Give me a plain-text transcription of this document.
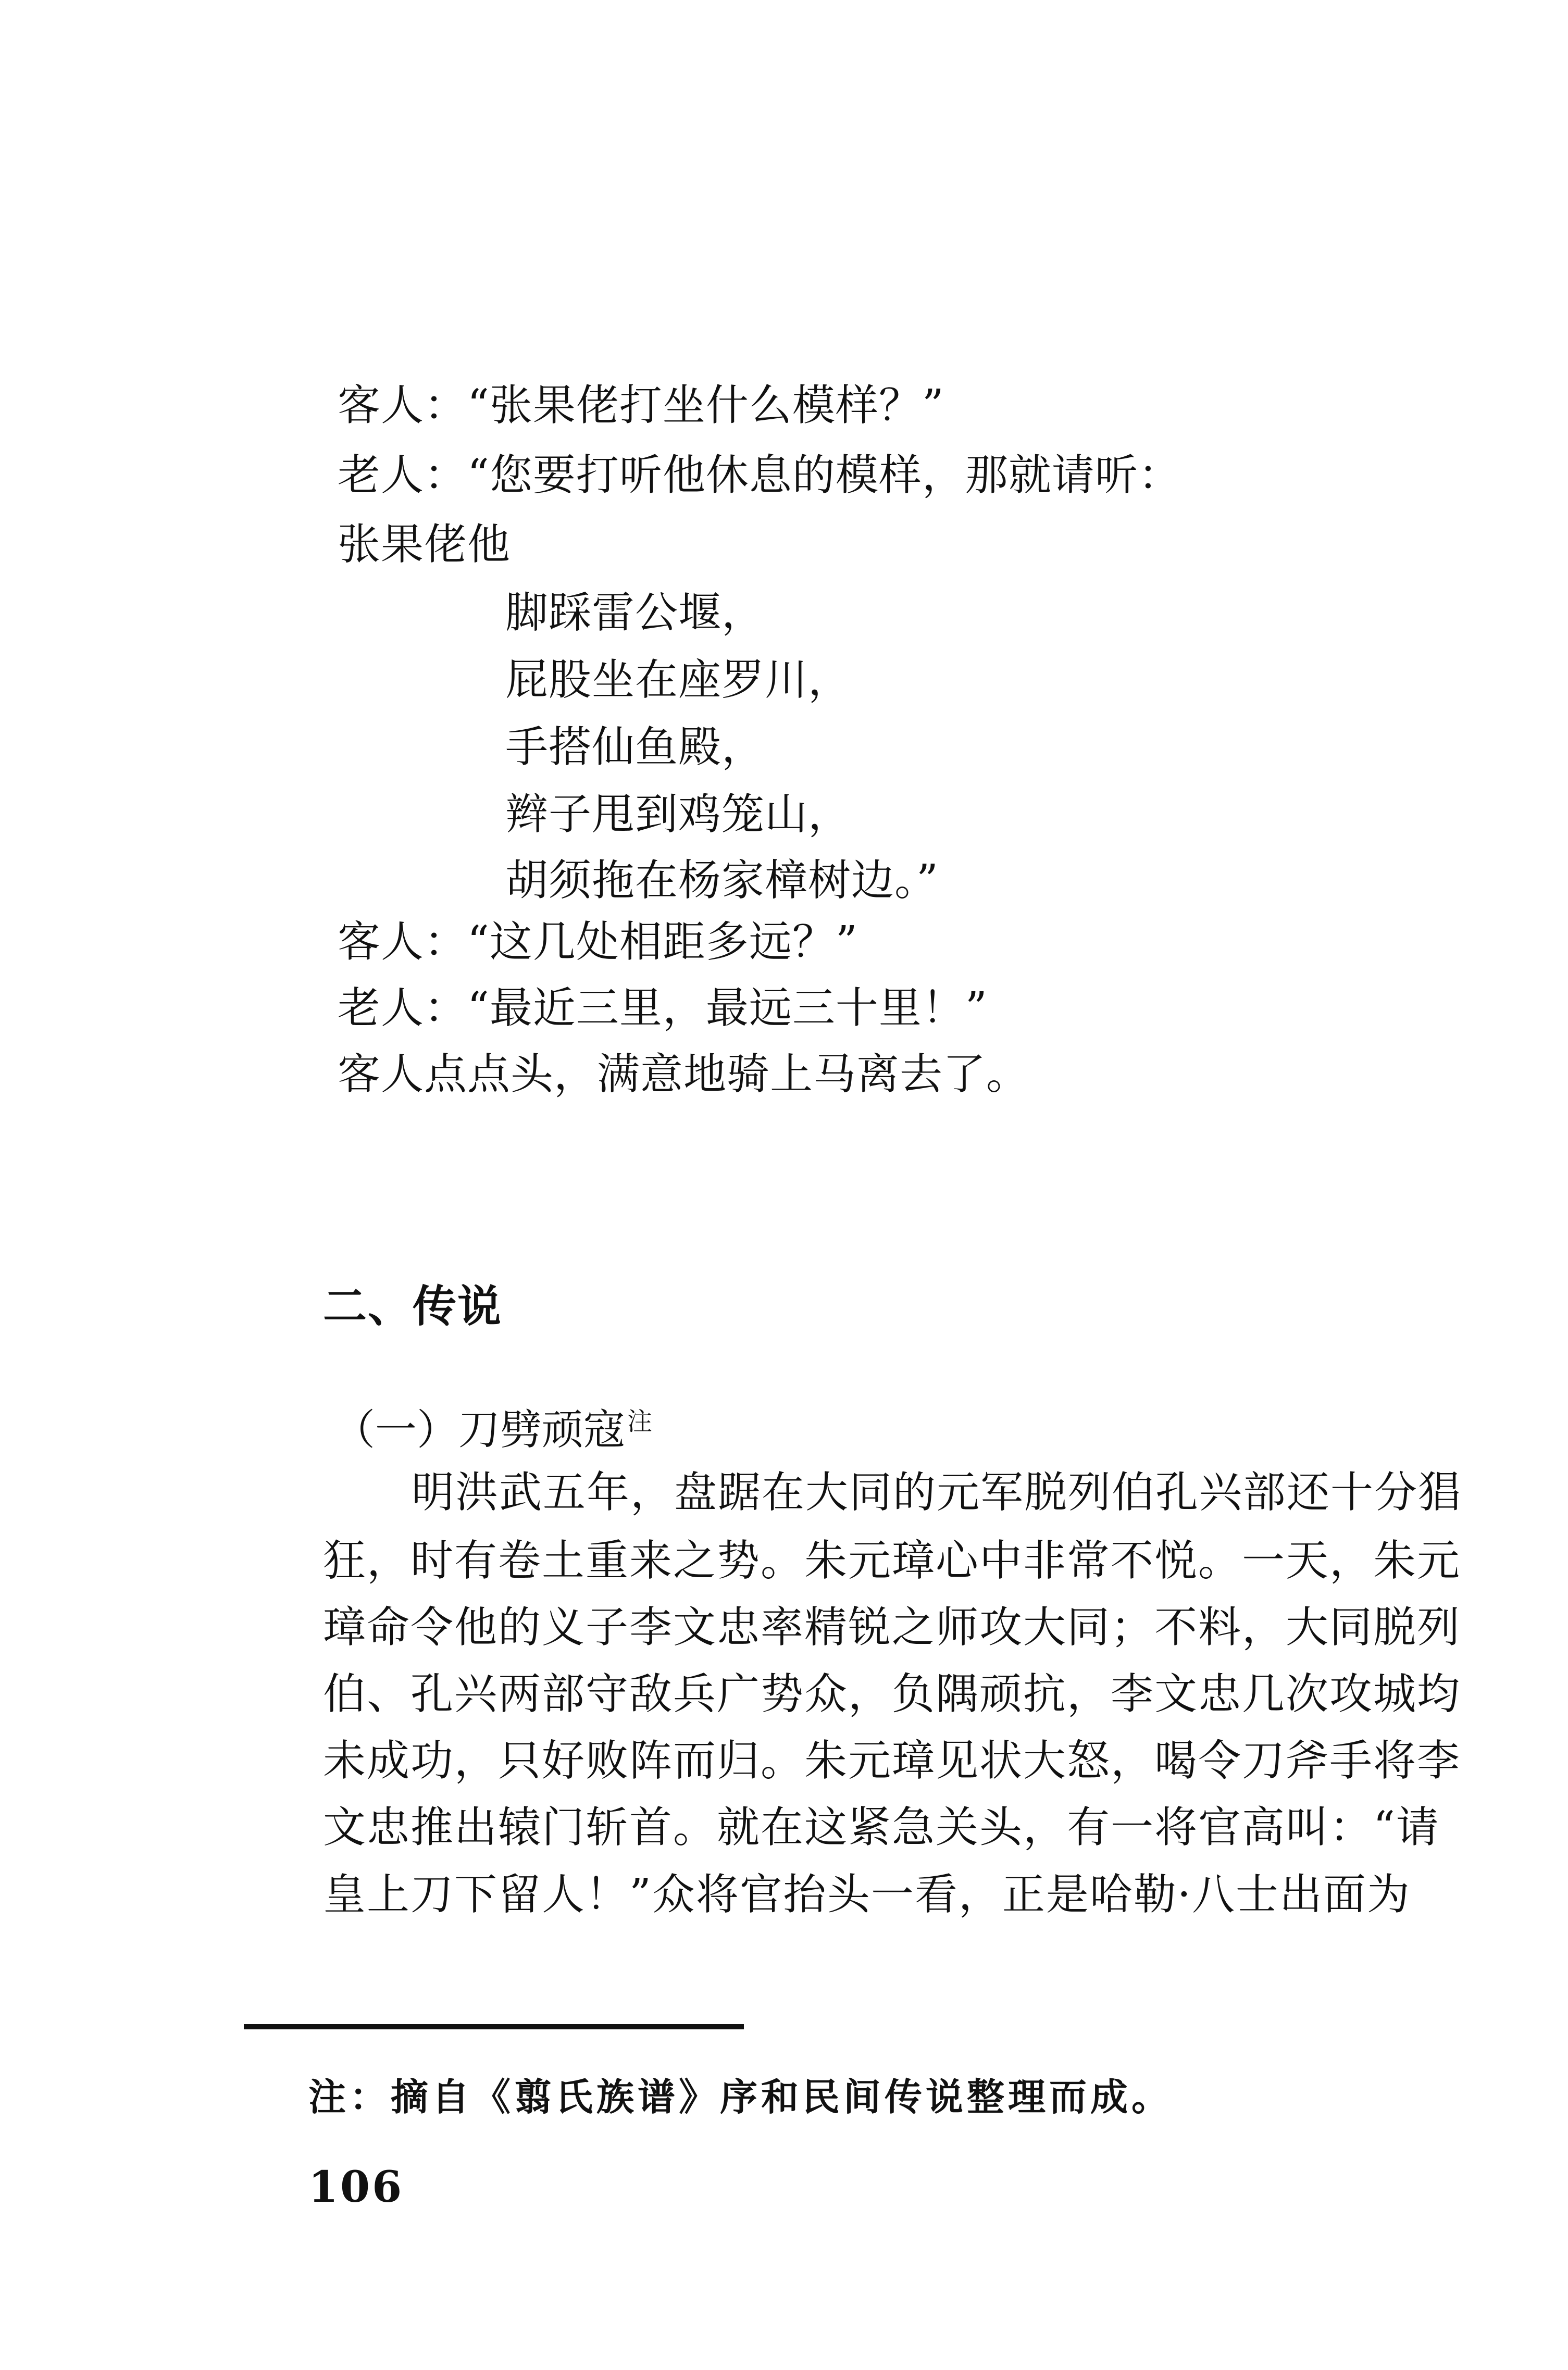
客人：“张果佬打坐什么模样？”
老人：“您要打听他休息的模样，那就请听：
张果佬他
脚踩雷公堰，
屁股坐在座罗川，
手搭仙鱼殿，
辫子甩到鸡笼山，
胡须拖在杨家樟树边。”
客人：“这几处相距多远？”
老人：“最近三里，最远三十里！”
客人点点头，满意地骑上马离去了。
二、传说
（一）刀劈顽寇$^注$
明洪武五年，盘踞在大同的元军脱列伯孔兴部还十分猖
狂，时有卷土重来之势。朱元璋心中非常不悦。一天，朱元
璋命令他的义子李文忠率精锐之师攻大同；不料，大同脱列
伯、孔兴两部守敌兵广势众，负隅顽抗，李文忠几次攻城均
未成功，只好败阵而归。朱元璋见状大怒，喝令刀斧手将李
文忠推出辕门斩首。就在这紧急关头，有一将官高叫：“请
皇上刀下留人！”众将官抬头一看，正是哈勒·八士出面为
注：摘自《翦氏族谱》序和民间传说整理而成。
106
